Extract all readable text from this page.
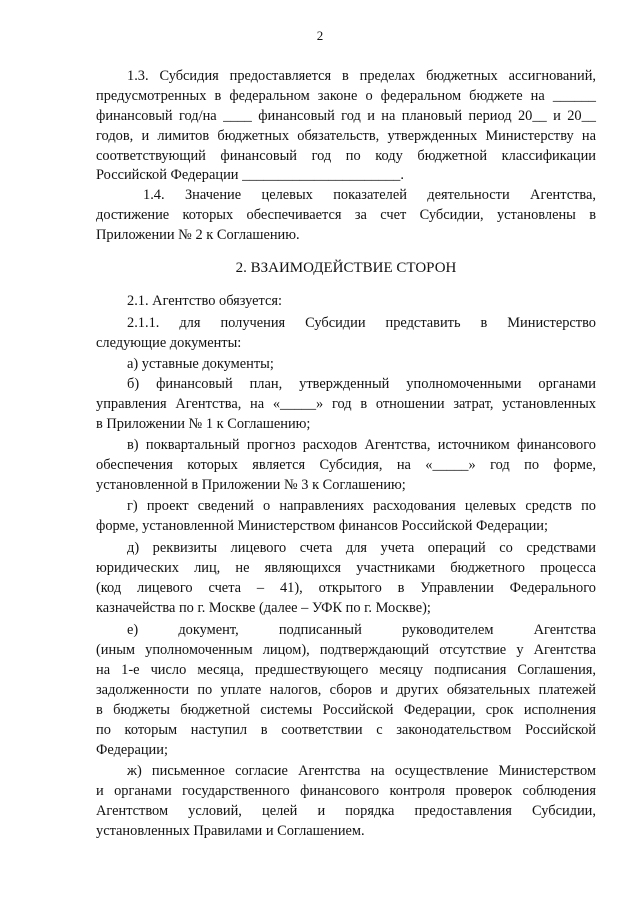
2
1.3. Субсидия предоставляется в пределах бюджетных ассигнований,
предусмотренных в федеральном законе о федеральном бюджете на ______
финансовый год/на ____ финансовый год и на плановый период 20__ и 20__
годов, и лимитов бюджетных обязательств, утвержденных Министерству на
соответствующий финансовый год по коду бюджетной классификации
Российской Федерации ______________________.
1.4. Значение целевых показателей деятельности Агентства,
достижение которых обеспечивается за счет Субсидии, установлены в
Приложении № 2 к Соглашению.
2. ВЗАИМОДЕЙСТВИЕ СТОРОН
2.1. Агентство обязуется:
2.1.1. для получения Субсидии представить в Министерство
следующие документы:
а) уставные документы;
б) финансовый план, утвержденный уполномоченными органами
управления Агентства, на «_____» год в отношении затрат, установленных
в Приложении № 1 к Соглашению;
в) поквартальный прогноз расходов Агентства, источником финансового
обеспечения которых является Субсидия, на «_____» год по форме,
установленной в Приложении № 3 к Соглашению;
г) проект сведений о направлениях расходования целевых средств по
форме, установленной Министерством финансов Российской Федерации;
д) реквизиты лицевого счета для учета операций со средствами
юридических лиц, не являющихся участниками бюджетного процесса
(код лицевого счета – 41), открытого в Управлении Федерального
казначейства по г. Москве (далее – УФК по г. Москве);
е) документ, подписанный руководителем Агентства
(иным уполномоченным лицом), подтверждающий отсутствие у Агентства
на 1-е число месяца, предшествующего месяцу подписания Соглашения,
задолженности по уплате налогов, сборов и других обязательных платежей
в бюджеты бюджетной системы Российской Федерации, срок исполнения
по которым наступил в соответствии с законодательством Российской
Федерации;
ж) письменное согласие Агентства на осуществление Министерством
и органами государственного финансового контроля проверок соблюдения
Агентством условий, целей и порядка предоставления Субсидии,
установленных Правилами и Соглашением.
